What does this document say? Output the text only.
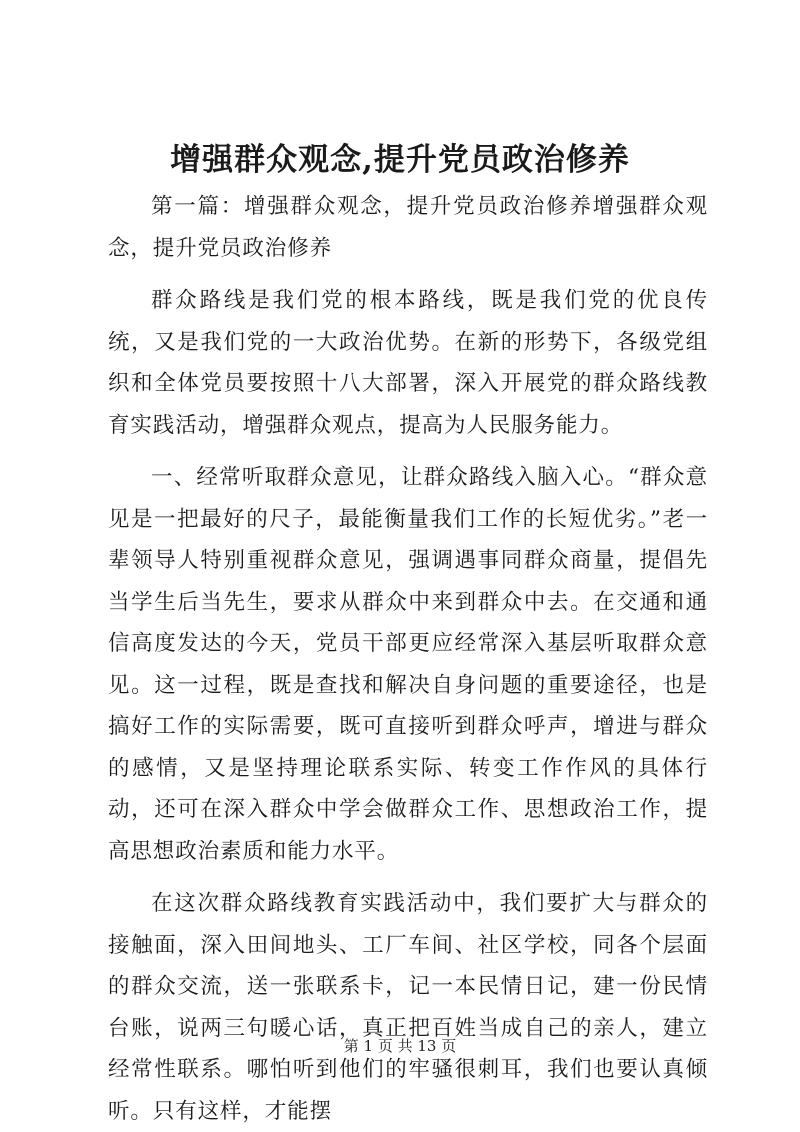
增强群众观念,提升党员政治修养

第一篇：增强群众观念，提升党员政治修养增强群众观念，提升党员政治修养

群众路线是我们党的根本路线，既是我们党的优良传统，又是我们党的一大政治优势。在新的形势下，各级党组织和全体党员要按照十八大部署，深入开展党的群众路线教育实践活动，增强群众观点，提高为人民服务能力。

一、经常听取群众意见，让群众路线入脑入心。“群众意见是一把最好的尺子，最能衡量我们工作的长短优劣。”老一辈领导人特别重视群众意见，强调遇事同群众商量，提倡先当学生后当先生，要求从群众中来到群众中去。在交通和通信高度发达的今天，党员干部更应经常深入基层听取群众意见。这一过程，既是查找和解决自身问题的重要途径，也是搞好工作的实际需要，既可直接听到群众呼声，增进与群众的感情，又是坚持理论联系实际、转变工作作风的具体行动，还可在深入群众中学会做群众工作、思想政治工作，提高思想政治素质和能力水平。

在这次群众路线教育实践活动中，我们要扩大与群众的接触面，深入田间地头、工厂车间、社区学校，同各个层面的群众交流，送一张联系卡，记一本民情日记，建一份民情台账，说两三句暖心话，真正把百姓当成自己的亲人，建立经常性联系。哪怕听到他们的牢骚很刺耳，我们也要认真倾听。只有这样，才能摆

第 1 页 共 13 页
